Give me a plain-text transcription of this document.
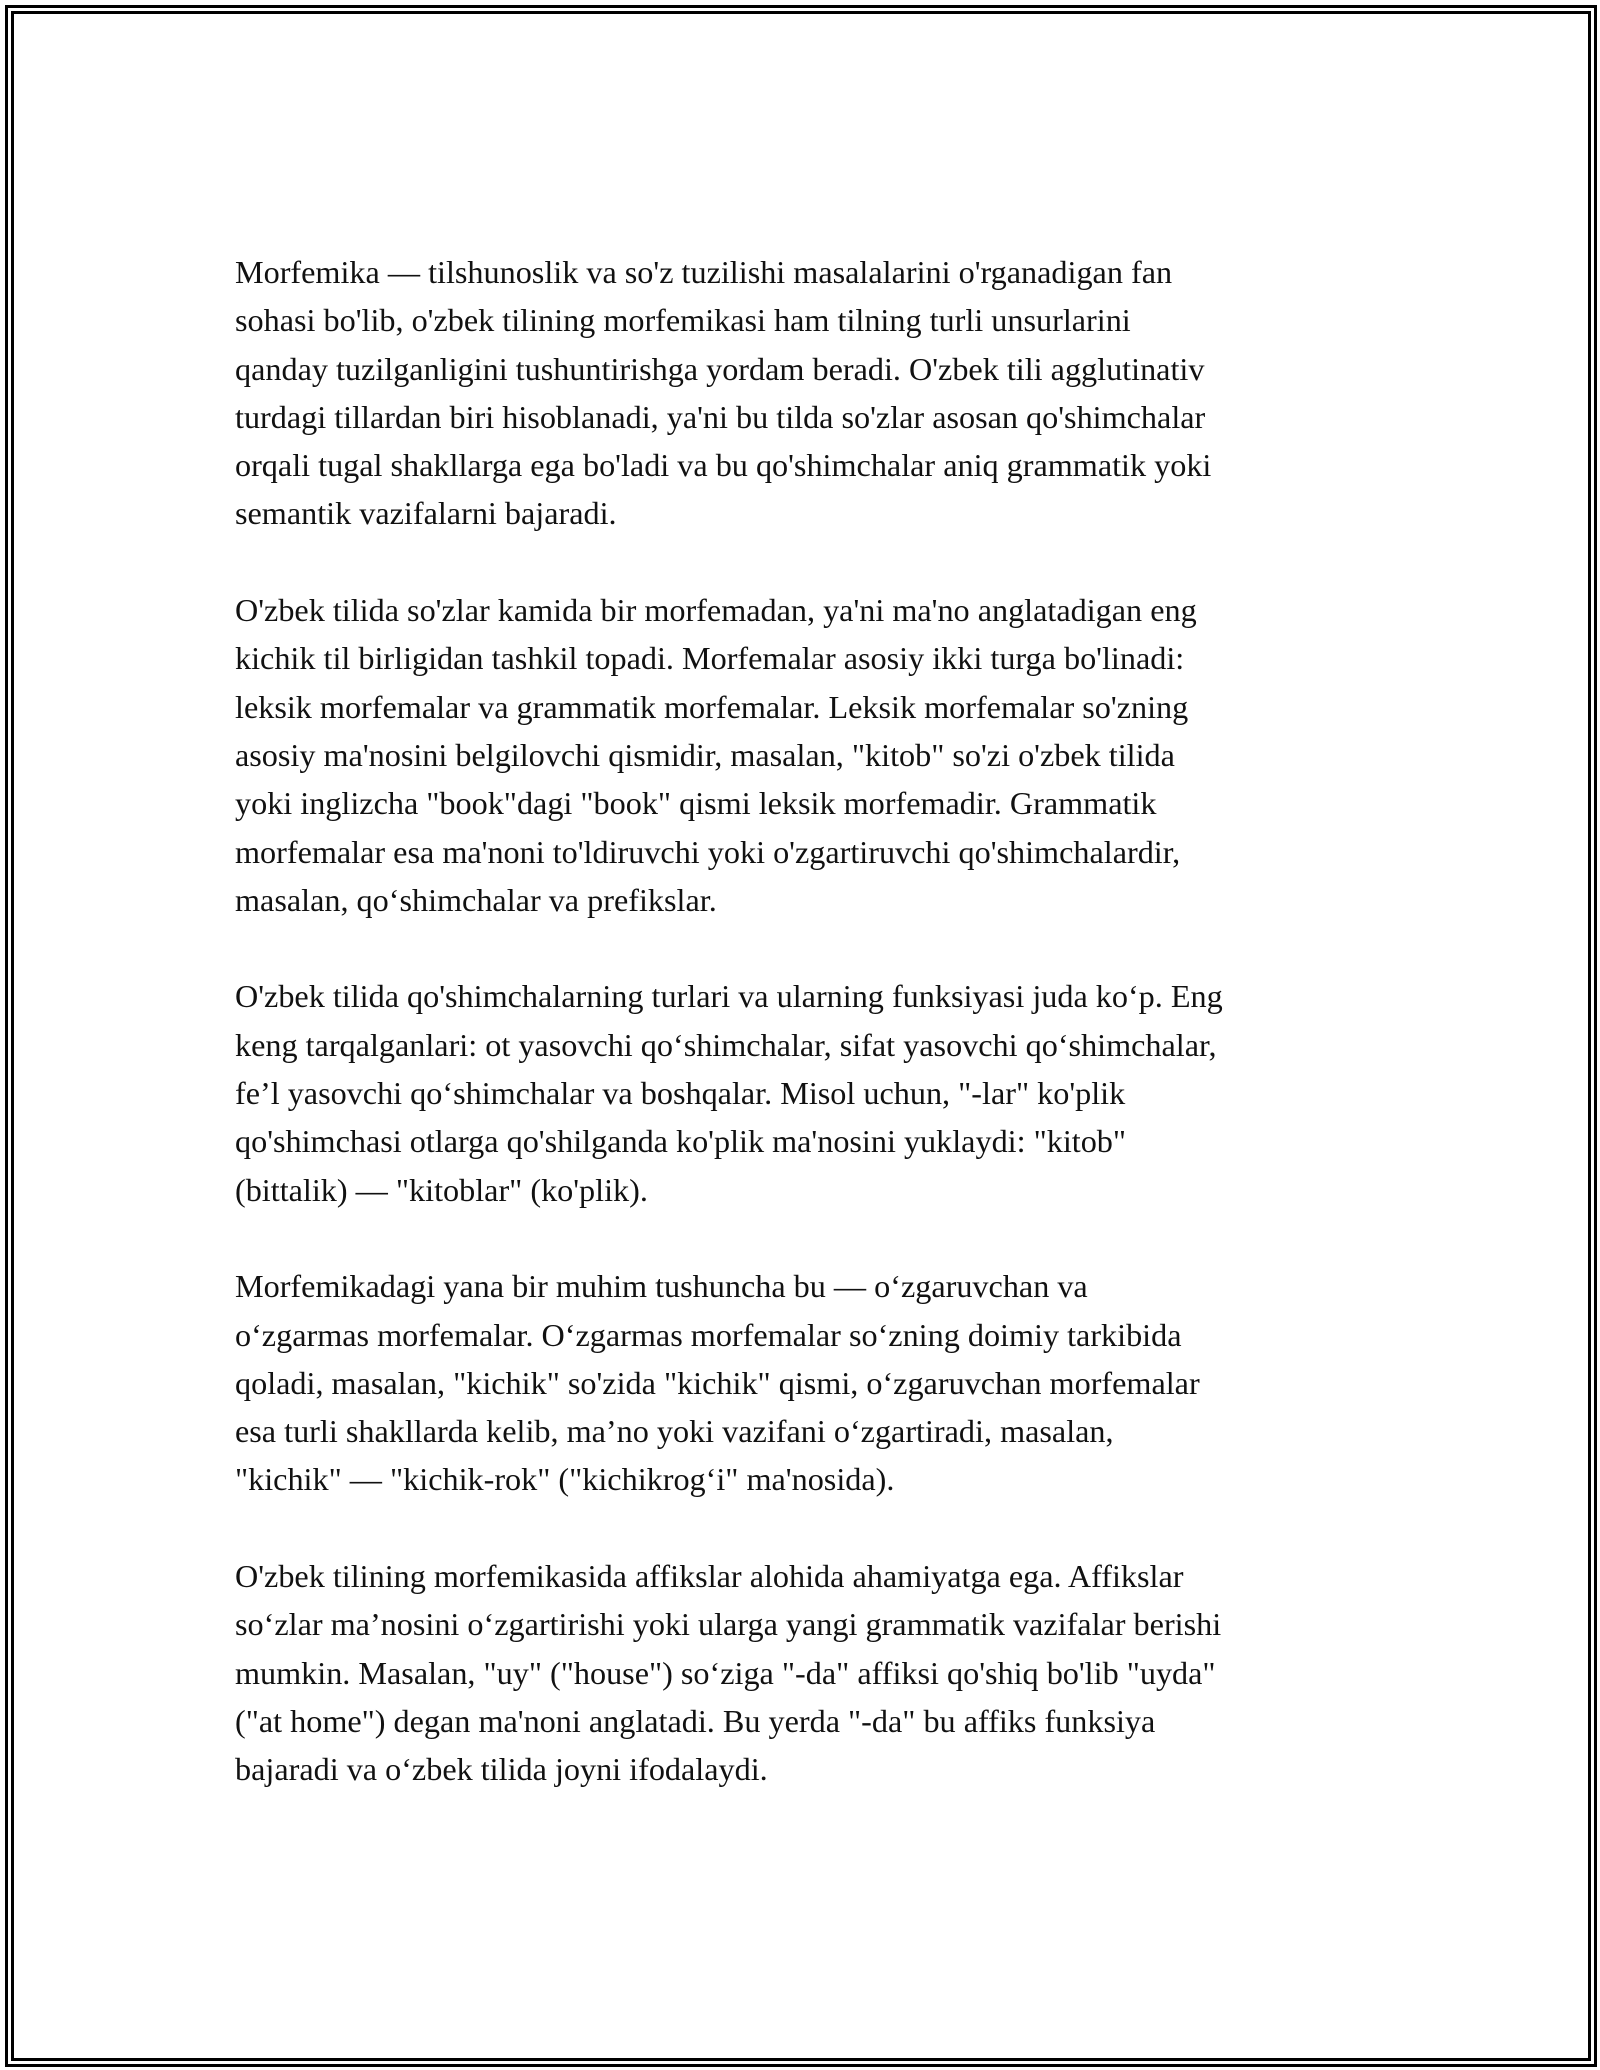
Morfemika — tilshunoslik va so'z tuzilishi masalalarini o'rganadigan fan
sohasi bo'lib, o'zbek tilining morfemikasi ham tilning turli unsurlarini
qanday tuzilganligini tushuntirishga yordam beradi. O'zbek tili agglutinativ
turdagi tillardan biri hisoblanadi, ya'ni bu tilda so'zlar asosan qo'shimchalar
orqali tugal shakllarga ega bo'ladi va bu qo'shimchalar aniq grammatik yoki
semantik vazifalarni bajaradi.

O'zbek tilida so'zlar kamida bir morfemadan, ya'ni ma'no anglatadigan eng
kichik til birligidan tashkil topadi. Morfemalar asosiy ikki turga bo'linadi:
leksik morfemalar va grammatik morfemalar. Leksik morfemalar so'zning
asosiy ma'nosini belgilovchi qismidir, masalan, "kitob" so'zi o'zbek tilida
yoki inglizcha "book"dagi "book" qismi leksik morfemadir. Grammatik
morfemalar esa ma'noni to'ldiruvchi yoki o'zgartiruvchi qo'shimchalardir,
masalan, qo‘shimchalar va prefikslar.

O'zbek tilida qo'shimchalarning turlari va ularning funksiyasi juda ko‘p. Eng
keng tarqalganlari: ot yasovchi qo‘shimchalar, sifat yasovchi qo‘shimchalar,
fe’l yasovchi qo‘shimchalar va boshqalar. Misol uchun, "-lar" ko'plik
qo'shimchasi otlarga qo'shilganda ko'plik ma'nosini yuklaydi: "kitob"
(bittalik) — "kitoblar" (ko'plik).

Morfemikadagi yana bir muhim tushuncha bu — o‘zgaruvchan va
o‘zgarmas morfemalar. O‘zgarmas morfemalar so‘zning doimiy tarkibida
qoladi, masalan, "kichik" so'zida "kichik" qismi, o‘zgaruvchan morfemalar
esa turli shakllarda kelib, ma’no yoki vazifani o‘zgartiradi, masalan,
"kichik" — "kichik-rok" ("kichikrog‘i" ma'nosida).

O'zbek tilining morfemikasida affikslar alohida ahamiyatga ega. Affikslar
so‘zlar ma’nosini o‘zgartirishi yoki ularga yangi grammatik vazifalar berishi
mumkin. Masalan, "uy" ("house") so‘ziga "-da" affiksi qo'shiq bo'lib "uyda"
("at home") degan ma'noni anglatadi. Bu yerda "-da" bu affiks funksiya
bajaradi va o‘zbek tilida joyni ifodalaydi.
